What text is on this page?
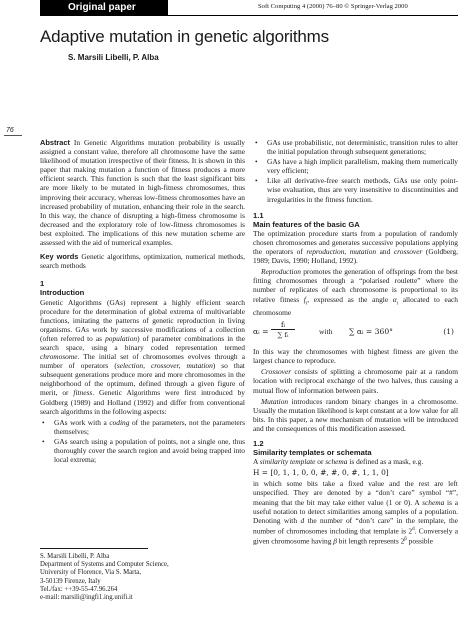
Original paper	Soft Computing 4 (2000) 76–80 © Springer-Verlag 2000
Adaptive mutation in genetic algorithms
S. Marsili Libelli, P. Alba
76

Abstract In Genetic Algorithms mutation probability is usually assigned a constant value, therefore all chromosome have the same likelihood of mutation irrespective of their fitness. It is shown in this paper that making mutation a function of fitness produces a more efficient search. This function is such that the least significant bits are more likely to be mutated in high-fitness chromosomes, thus improving their accuracy, whereas low-fitness chromosomes have an increased probability of mutation, enhancing their role in the search. In this way, the chance of disrupting a high-fitness chromosome is decreased and the exploratory role of low-fitness chromosomes is best exploited. The implications of this new mutation scheme are assessed with the aid of numerical examples.

Key words Genetic algorithms, optimization, numerical methods, search methods

1
Introduction

Genetic Algorithms (GAs) represent a highly efficient search procedure for the determination of global extrema of multivariable functions, imitating the patterns of genetic reproduction in living organisms. GAs work by successive modifications of a collection (often referred to as population) of parameter combinations in the search space, using a binary coded representation termed chromosome. The initial set of chromosomes evolves through a number of operators (selection, crossover, mutation) so that subsequent generations produce more and more chromosomes in the neighborhood of the optimum, defined through a given figure of merit, or fitness. Genetic Algorithms were first introduced by Goldberg (1989) and Holland (1992) and differ from conventional search algorithms in the following aspects:

• GAs work with a coding of the parameters, not the parameters themselves;
• GAs search using a population of points, not a single one, thus thoroughly cover the search region and avoid being trapped into local extrema;
• GAs use probabilistic, not deterministic, transition rules to alter the initial population through subsequent generations;
• GAs have a high implicit parallelism, making them numerically very efficient;
• Like all derivative-free search methods, GAs use only point-wise evaluation, thus are very insensitive to discontinuities and irregularities in the fitness function.
1.1
Main features of the basic GA

The optimization procedure starts from a population of randomly chosen chromosomes and generates successive populations applying the operators of reproduction, mutation and crossover (Goldberg, 1989; Davis, 1990; Holland, 1992).

Reproduction promotes the generation of offsprings from the best fitting chromosomes through a “polarised roulette” where the number of replicates of each chromosome is proportional to its relative fitness $f_i$, expressed as the angle $\alpha_i$ allocated to each chromosome

αᵢ = $\frac{\text{fᵢ}}{\text{∑ fᵢ}}$	with ∑ αᵢ = 360°	(1)

In this way the chromosomes with highest fitness are given the largest chance to reproduce.

Crossover consists of splitting a chromosome pair at a random location with reciprocal exchange of the two halves, thus causing a mutual flow of information between pairs.

Mutation introduces random binary changes in a chromosome. Usually the mutation likelihood is kept constant at a low value for all bits. In this paper, a new mechanism of mutation will be introduced and the consequences of this modification assessed.

1.2
Similarity templates or schemata

A similarity template or schema is defined as a mask, e.g.

H = [0, 1, 1, 0, 0, #, #, 0, #, 1, 1, 0]

in which some bits take a fixed value and the rest are left unspecified. They are denoted by a “don’t care” symbol “#”, meaning that the bit may take either value (1 or 0). A schema is a useful notation to detect similarities among samples of a population. Denoting with d the number of “don’t care” in the template, the number of chromosomes including that template is 2$^d$. Conversely a given chromosome having β bit length represents $2^\beta$ possible

S. Marsili Libelli, P. Alba
Department of Systems and Computer Science,
University of Florence, Via S. Marta,
3-50139 Firenze, Italy
Tel./fax: ++39-55-47.96.264
e-mail: marsili@ingfi1.ing.unifi.it
